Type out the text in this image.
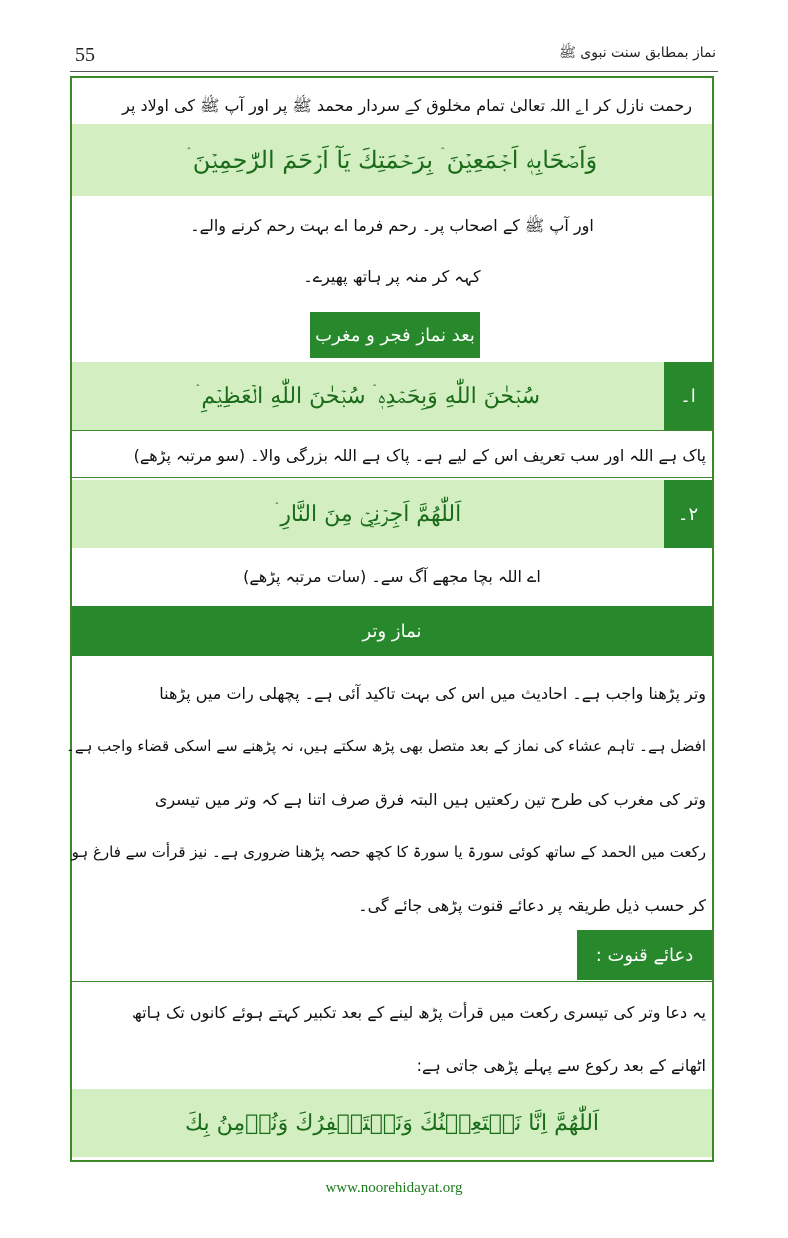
55	نماز بمطابق سنت نبوی ﷺ
رحمت نازل کر اے اللہ تعالیٰ تمام مخلوق کے سردار محمد ﷺ پر اور آپ ﷺ کی اولاد پر
وَاَصۡحَابِهٖ اَجۡمَعِيۡنَ ۛ بِرَحۡمَتِكَ يَآ اَرۡحَمَ الرّٰحِمِيۡنَ ۛ
اور آپ ﷺ کے اصحاب پر۔ رحم فرما اے بہت رحم کرنے والے۔
کہہ کر منہ پر ہاتھ پھیرے۔
بعد نماز فجر و مغرب
سُبۡحٰنَ اللّٰهِ وَبِحَمۡدِهٖ ۛ سُبۡحٰنَ اللّٰهِ الۡعَظِيۡمِ ۛ	ا۔
پاک ہے اللہ اور سب تعریف اس کے لیے ہے۔ پاک ہے اللہ بزرگی والا۔ (سو مرتبہ پڑھے)
اَللّٰهُمَّ اَجِرۡنِيۡ مِنَ النَّارِ ۛ	۲۔
اے اللہ بچا مجھے آگ سے۔ (سات مرتبہ پڑھے)
نماز وتر
وتر پڑھنا واجب ہے۔ احادیث میں اس کی بہت تاکید آئی ہے۔ پچھلی رات میں پڑھنا
افضل ہے۔ تاہم عشاء کی نماز کے بعد متصل بھی پڑھ سکتے ہیں، نہ پڑھنے سے اسکی قضاء واجب ہے۔
وتر کی مغرب کی طرح تین رکعتیں ہیں البتہ فرق صرف اتنا ہے کہ وتر میں تیسری
رکعت میں الحمد کے ساتھ کوئی سورۃ یا سورۃ کا کچھ حصہ پڑھنا ضروری ہے۔ نیز قرأت سے فارغ ہو
کر حسب ذیل طریقہ پر دعائے قنوت پڑھی جائے گی۔
دعائے قنوت :
یہ دعا وتر کی تیسری رکعت میں قرأت پڑھ لینے کے بعد تکبیر کہتے ہوئے کانوں تک ہاتھ
اٹھانے کے بعد رکوع سے پہلے پڑھی جاتی ہے:
اَللّٰهُمَّ اِنَّا نَسۡتَعِيۡنُكَ وَنَسۡتَغۡفِرُكَ وَنُؤۡمِنُ بِكَ
www.noorehidayat.org
